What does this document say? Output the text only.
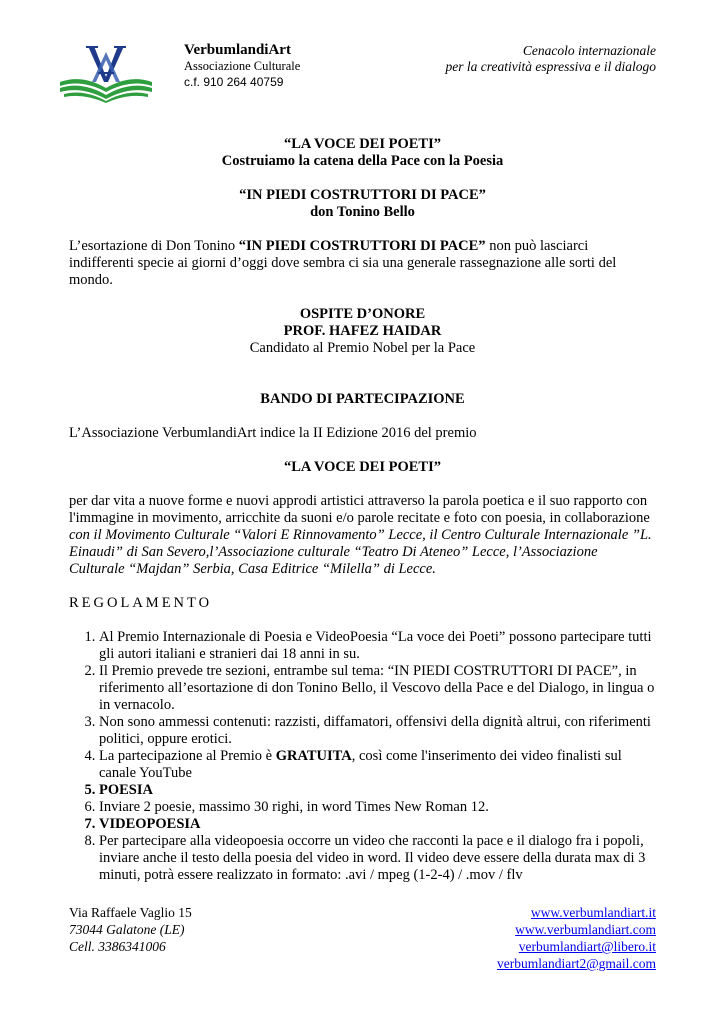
VerbumlandiArt
Associazione Culturale
c.f. 910 264 40759
Cenacolo internazionale
per la creatività espressiva e il dialogo

“LA VOCE DEI POETI”

Costruiamo la catena della Pace con la Poesia

“IN PIEDI COSTRUTTORI DI PACE”

don Tonino Bello

L’esortazione di Don Tonino “IN PIEDI COSTRUTTORI DI PACE” non può lasciarci indifferenti specie ai giorni d’oggi dove sembra ci sia una generale rassegnazione alle sorti del mondo.

OSPITE D’ONORE

PROF. HAFEZ HAIDAR

Candidato al Premio Nobel per la Pace

BANDO DI PARTECIPAZIONE

L’Associazione VerbumlandiArt indice la II Edizione 2016 del premio

“LA VOCE DEI POETI”

per dar vita a nuove forme e nuovi approdi artistici attraverso la parola poetica e il suo rapporto con l'immagine in movimento, arricchite da suoni e/o parole recitate e foto con poesia, in collaborazione con il Movimento Culturale “Valori E Rinnovamento” Lecce, il Centro Culturale Internazionale ”L. Einaudi” di San Severo,l’Associazione culturale “Teatro Di Ateneo” Lecce, l’Associazione Culturale “Majdan” Serbia, Casa Editrice “Milella” di Lecce.

REGOLAMENTO

1. Al Premio Internazionale di Poesia e VideoPoesia “La voce dei Poeti” possono partecipare tutti gli autori italiani e stranieri dai 18 anni in su.
2. Il Premio prevede tre sezioni, entrambe sul tema: “IN PIEDI COSTRUTTORI DI PACE”, in riferimento all’esortazione di don Tonino Bello, il Vescovo della Pace e del Dialogo, in lingua o in vernacolo.
3. Non sono ammessi contenuti: razzisti, diffamatori, offensivi della dignità altrui, con riferimenti politici, oppure erotici.
4. La partecipazione al Premio è GRATUITA, così come l'inserimento dei video finalisti sul canale YouTube
5. POESIA
6. Inviare 2 poesie, massimo 30 righi, in word Times New Roman 12.
7. VIDEOPOESIA
8. Per partecipare alla videopoesia occorre un video che racconti la pace e il dialogo fra i popoli, inviare anche il testo della poesia del video in word. Il video deve essere della durata max di 3 minuti, potrà essere realizzato in formato: .avi / mpeg (1-2-4) / .mov / flv
Via Raffaele Vaglio 15
73044 Galatone (LE)
Cell. 3386341006
www.verbumlandiart.it
www.verbumlandiart.com
verbumlandiart@libero.it
verbumlandiart2@gmail.com
